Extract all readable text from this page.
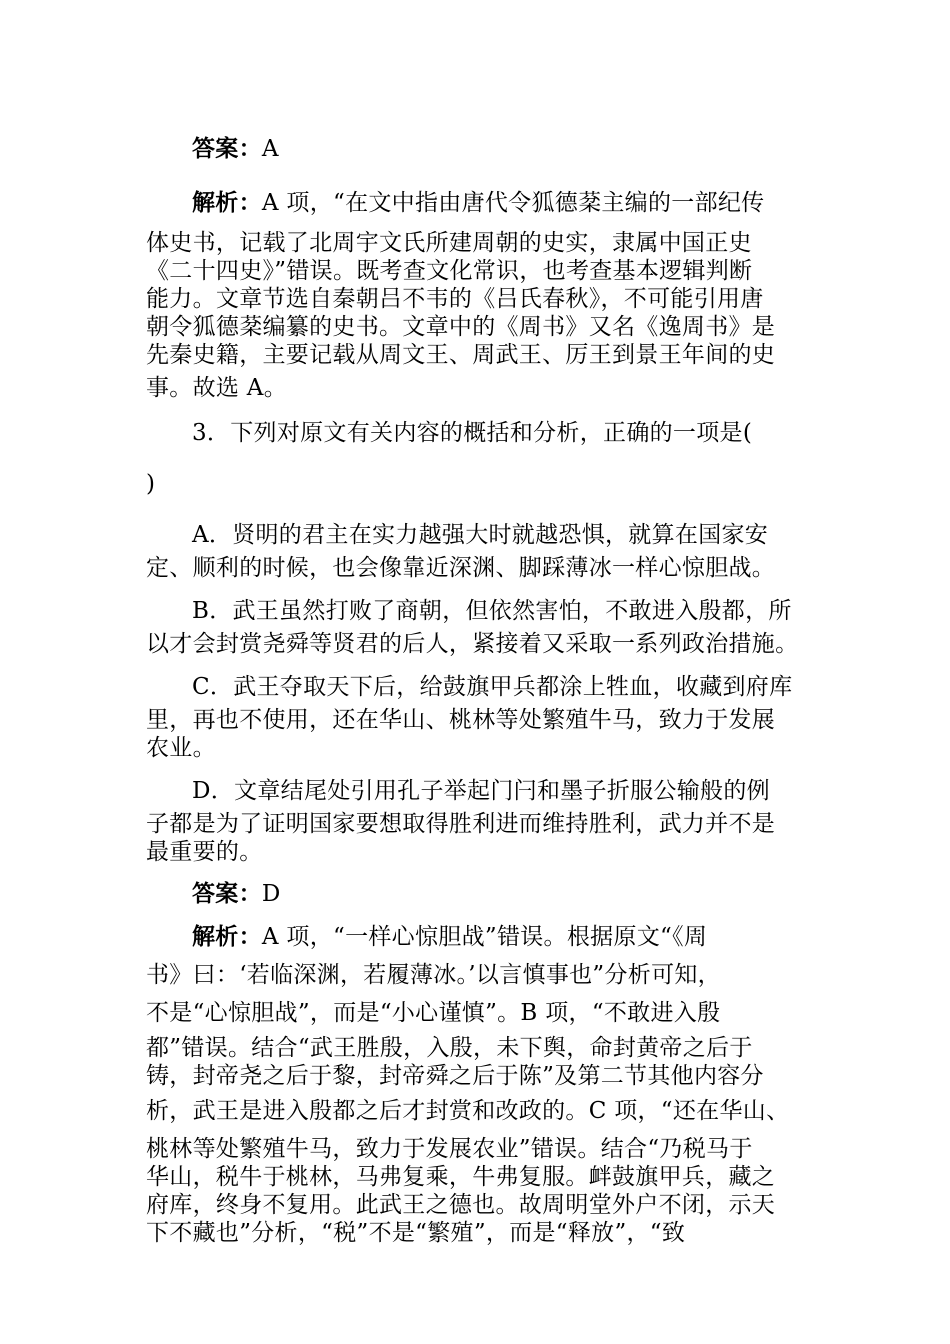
答案：A
解析：A 项，“在文中指由唐代令狐德棻主编的一部纪传
体史书，记载了北周宇文氏所建周朝的史实，隶属中国正史
《二十四史》”错误。既考查文化常识，也考查基本逻辑判断
能力。文章节选自秦朝吕不韦的《吕氏春秋》，不可能引用唐
朝令狐德棻编纂的史书。文章中的《周书》又名《逸周书》是
先秦史籍，主要记载从周文王、周武王、厉王到景王年间的史
事。故选 A。
3．下列对原文有关内容的概括和分析，正确的一项是(
)
A．贤明的君主在实力越强大时就越恐惧，就算在国家安
定、顺利的时候，也会像靠近深渊、脚踩薄冰一样心惊胆战。
B．武王虽然打败了商朝，但依然害怕，不敢进入殷都，所
以才会封赏尧舜等贤君的后人，紧接着又采取一系列政治措施。
C．武王夺取天下后，给鼓旗甲兵都涂上牲血，收藏到府库
里，再也不使用，还在华山、桃林等处繁殖牛马，致力于发展
农业。
D．文章结尾处引用孔子举起门闩和墨子折服公输般的例
子都是为了证明国家要想取得胜利进而维持胜利，武力并不是
最重要的。
答案：D
解析：A 项，“一样心惊胆战”错误。根据原文“《周
书》曰：‘若临深渊，若履薄冰。’以言慎事也”分析可知，
不是“心惊胆战”，而是“小心谨慎”。B 项，“不敢进入殷
都”错误。结合“武王胜殷，入殷，未下舆，命封黄帝之后于
铸，封帝尧之后于黎，封帝舜之后于陈”及第二节其他内容分
析，武王是进入殷都之后才封赏和改政的。C 项，“还在华山、
桃林等处繁殖牛马，致力于发展农业”错误。结合“乃税马于
华山，税牛于桃林，马弗复乘，牛弗复服。衅鼓旗甲兵，藏之
府库，终身不复用。此武王之德也。故周明堂外户不闭，示天
下不藏也”分析，“税”不是“繁殖”，而是“释放”，“致
